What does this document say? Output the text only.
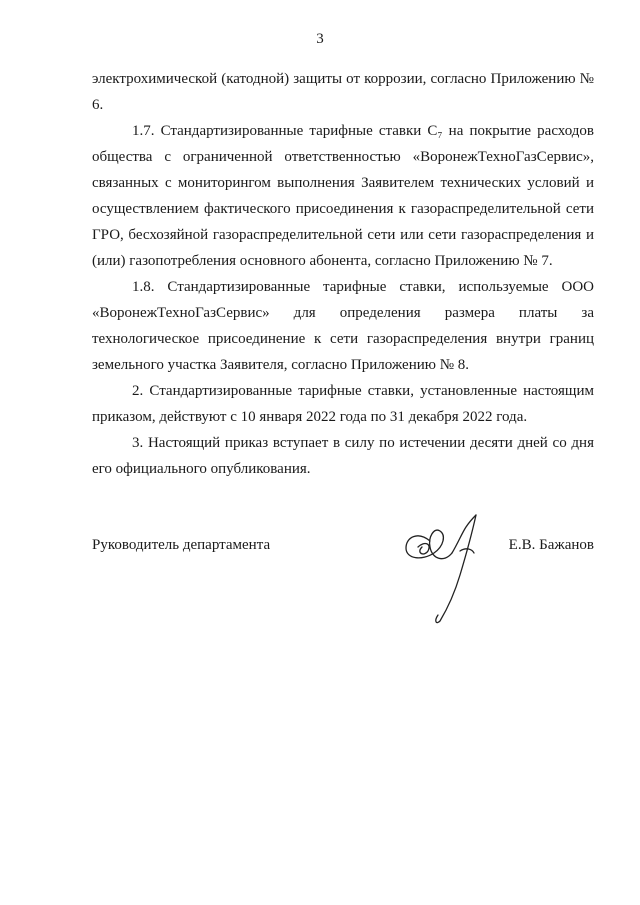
3

электрохимической (катодной) защиты от коррозии, согласно Приложению № 6.

1.7. Стандартизированные тарифные ставки C₇ на покрытие расходов общества с ограниченной ответственностью «ВоронежТехноГазСервис», связанных с мониторингом выполнения Заявителем технических условий и осуществлением фактического присоединения к газораспределительной сети ГРО, бесхозяйной газораспределительной сети или сети газораспределения и (или) газопотребления основного абонента, согласно Приложению № 7.

1.8. Стандартизированные тарифные ставки, используемые ООО «ВоронежТехноГазСервис» для определения размера платы за технологическое присоединение к сети газораспределения внутри границ земельного участка Заявителя, согласно Приложению № 8.

2. Стандартизированные тарифные ставки, установленные настоящим приказом, действуют с 10 января 2022 года по 31 декабря 2022 года.

3. Настоящий приказ вступает в силу по истечении десяти дней со дня его официального опубликования.

Руководитель департамента	Е.В. Бажанов
